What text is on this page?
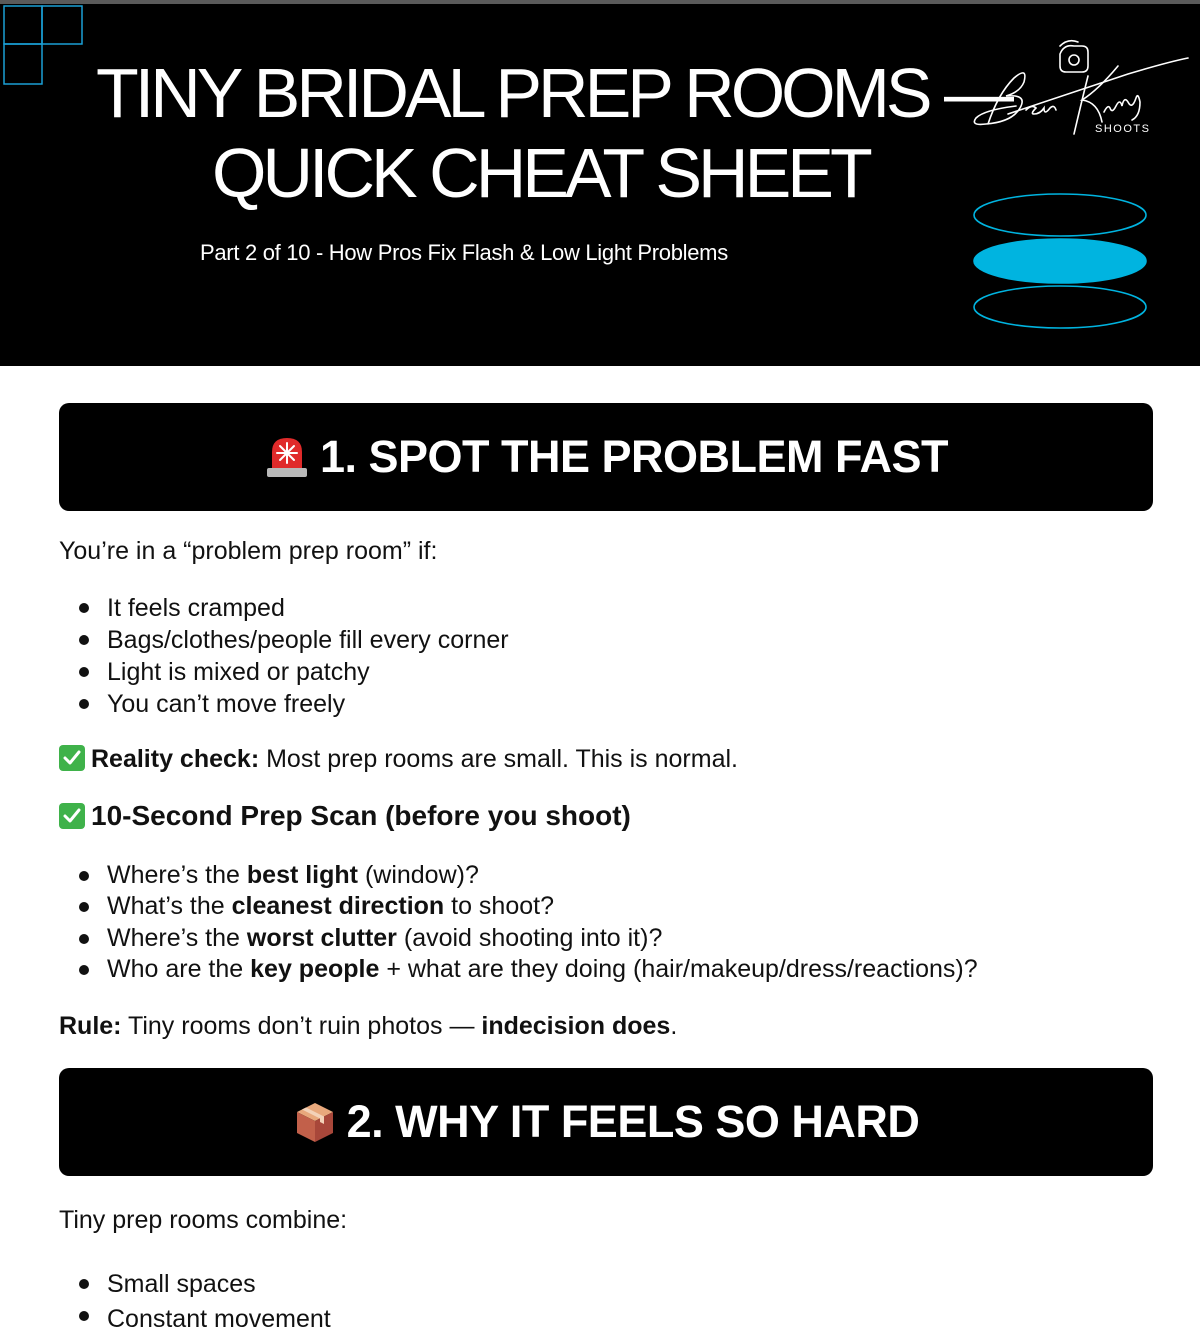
TINY BRIDAL PREP ROOMS —
QUICK CHEAT SHEET
Part 2 of 10 - How Pros Fix Flash & Low Light Problems
SHOOTS
1. SPOT THE PROBLEM FAST
You’re in a “problem prep room” if:
It feels cramped
Bags/clothes/people fill every corner
Light is mixed or patchy
You can’t move freely
Reality check: Most prep rooms are small. This is normal.
10-Second Prep Scan (before you shoot)
Where’s the best light (window)?
What’s the cleanest direction to shoot?
Where’s the worst clutter (avoid shooting into it)?
Who are the key people + what are they doing (hair/makeup/dress/reactions)?
Rule: Tiny rooms don’t ruin photos — indecision does.
2. WHY IT FEELS SO HARD
Tiny prep rooms combine:
Small spaces
Constant movement
